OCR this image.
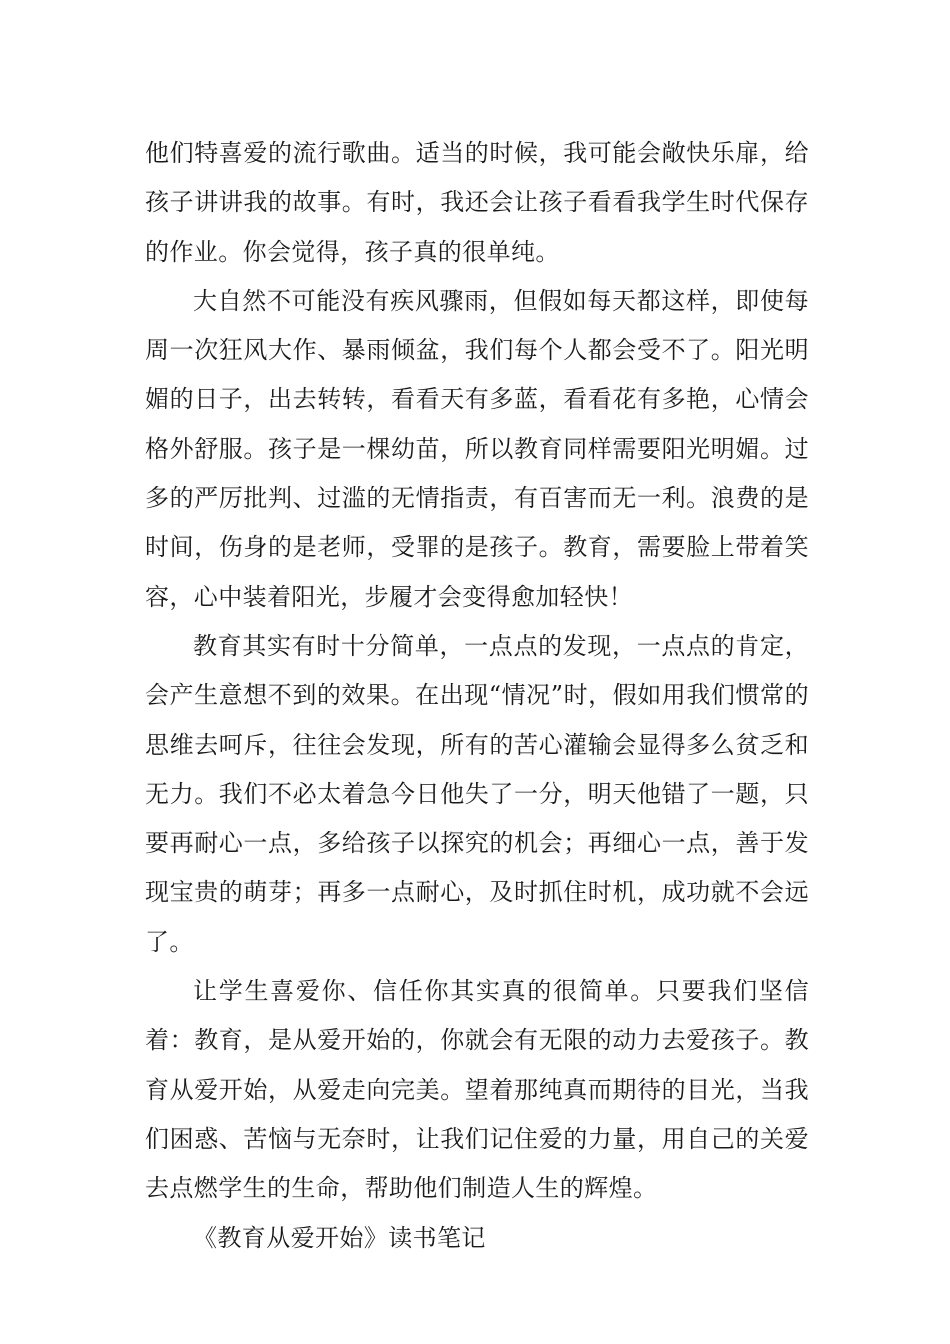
他们特喜爱的流行歌曲。适当的时候，我可能会敞快乐扉，给孩子讲讲我的故事。有时，我还会让孩子看看我学生时代保存的作业。你会觉得，孩子真的很单纯。

大自然不可能没有疾风骤雨，但假如每天都这样，即使每周一次狂风大作、暴雨倾盆，我们每个人都会受不了。阳光明媚的日子，出去转转，看看天有多蓝，看看花有多艳，心情会格外舒服。孩子是一棵幼苗，所以教育同样需要阳光明媚。过多的严厉批判、过滥的无情指责，有百害而无一利。浪费的是时间，伤身的是老师，受罪的是孩子。教育，需要脸上带着笑容，心中装着阳光，步履才会变得愈加轻快！

教育其实有时十分简单，一点点的发现，一点点的肯定，会产生意想不到的效果。在出现“情况”时，假如用我们惯常的思维去呵斥，往往会发现，所有的苦心灌输会显得多么贫乏和无力。我们不必太着急今日他失了一分，明天他错了一题，只要再耐心一点，多给孩子以探究的机会；再细心一点，善于发现宝贵的萌芽；再多一点耐心，及时抓住时机，成功就不会远了。

让学生喜爱你、信任你其实真的很简单。只要我们坚信着：教育，是从爱开始的，你就会有无限的动力去爱孩子。教育从爱开始，从爱走向完美。望着那纯真而期待的目光，当我们困惑、苦恼与无奈时，让我们记住爱的力量，用自己的关爱去点燃学生的生命，帮助他们制造人生的辉煌。

《教育从爱开始》读书笔记
